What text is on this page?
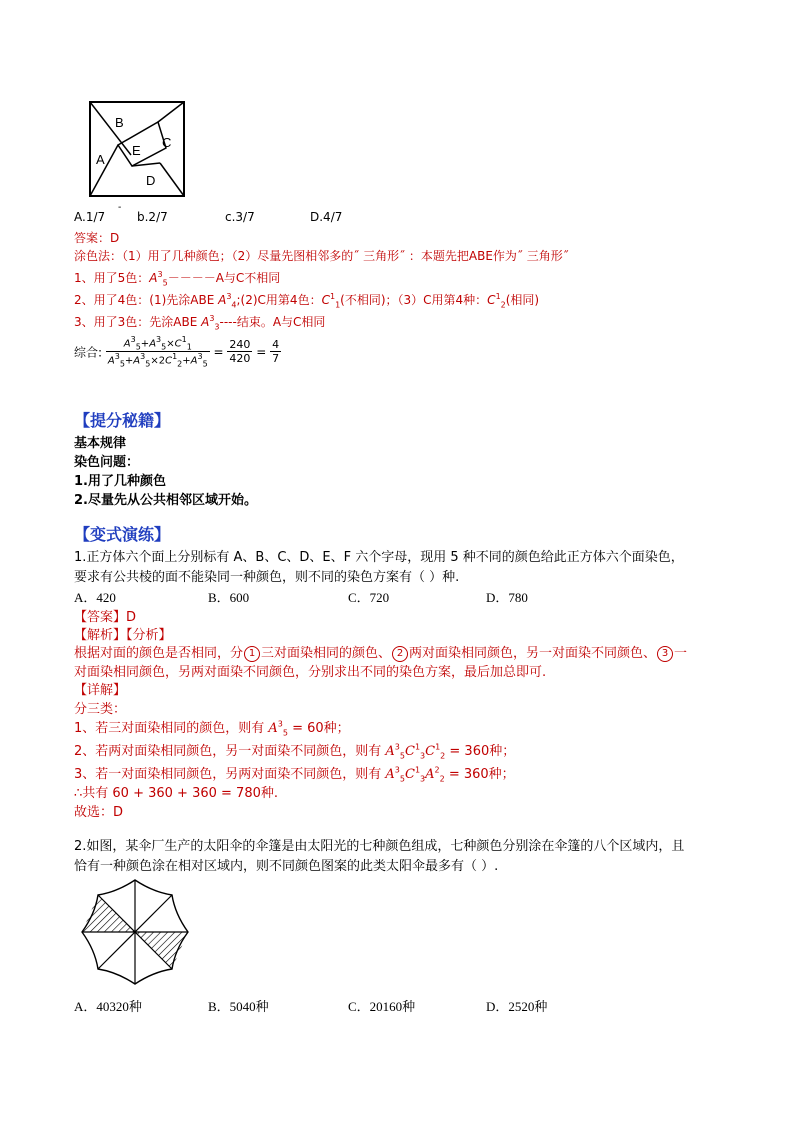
B
C
A
E
D
-
A.1/7	b.2/7	c.3/7	D.4/7
答案：D
涂色法：（1）用了几种颜色；（2）尽量先图相邻多的˝ 三角形˝ ：本题先把ABE作为˝ 三角形˝
1、用了5色：$A^3_5----A$与C不相同
2、用了4色：(1)先涂ABE $A^3_4;(2)C$用第4色：$C^1_1$(不相同)；（3）C用第4种：$C^1_2$(相同)
3、用了3色：先涂ABE $A^3_3----$结束。A与C相同
综合: $\frac{A^3_5+A^3_5\times C^1_1}{A^3_5+A^3_5\times 2C^1_2+A^3_5} = \frac{240}{420} = \frac{4}{7}$
【提分秘籍】
基本规律
染色问题：
1.用了几种颜色
2.尽量先从公共相邻区域开始。
【变式演练】
1.正方体六个面上分别标有 A、B、C、D、E、F 六个字母，现用 5 种不同的颜色给此正方体六个面染色，
要求有公共棱的面不能染同一种颜色，则不同的染色方案有（ ）种.
A．420	B．600	C．720	D．780
【答案】D
【解析】【分析】
根据对面的颜色是否相同，分 1 三对面染相同的颜色、 2 两对面染相同颜色，另一对面染不同颜色、 3 一
对面染相同颜色，另两对面染不同颜色，分别求出不同的染色方案，最后加总即可.
【详解】
分三类：
1、若三对面染相同的颜色，则有 $A^3_5 = 60$种；
2、若两对面染相同颜色，另一对面染不同颜色，则有 $A^3_5C^1_3C^1_2 = 360$种；
3、若一对面染相同颜色，另两对面染不同颜色，则有 $A^3_5C^1_3A^2_2 = 360$种；
∴共有 60 + 360 + 360 = 780种.
故选：D
2.如图，某伞厂生产的太阳伞的伞篷是由太阳光的七种颜色组成，七种颜色分别涂在伞篷的八个区域内，且
恰有一种颜色涂在相对区域内，则不同颜色图案的此类太阳伞最多有（ ）.
A．40320种	B．5040种	C．20160种	D．2520种
